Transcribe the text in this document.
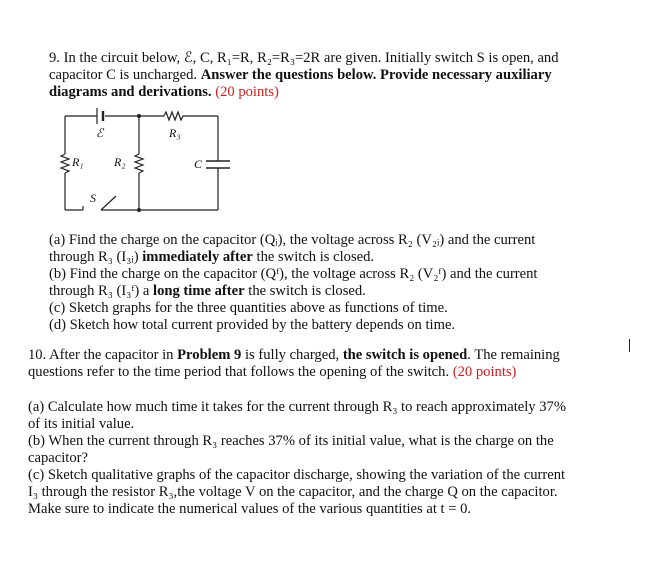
9. In the circuit below, ℰ, C, R₁=R, R₂=R₃=2R are given. Initially switch S is open, and
capacitor C is uncharged. Answer the questions below. Provide necessary auxiliary
diagrams and derivations. (20 points)
ℰ	R₃
R₁	R₂	C
S
(a) Find the charge on the capacitor (Qᵢ), the voltage across R₂ (V₂ᵢ) and the current
through R₃ (I₃ᵢ) immediately after the switch is closed.
(b) Find the charge on the capacitor (Qᶠ), the voltage across R₂ (V₂ᶠ) and the current
through R₃ (I₃ᶠ) a long time after the switch is closed.
(c) Sketch graphs for the three quantities above as functions of time.
(d) Sketch how total current provided by the battery depends on time.
10. After the capacitor in Problem 9 is fully charged, the switch is opened. The remaining
questions refer to the time period that follows the opening of the switch. (20 points)
(a) Calculate how much time it takes for the current through R₃ to reach approximately 37%
of its initial value.
(b) When the current through R₃ reaches 37% of its initial value, what is the charge on the
capacitor?
(c) Sketch qualitative graphs of the capacitor discharge, showing the variation of the current
I₃ through the resistor R₃,the voltage V on the capacitor, and the charge Q on the capacitor.
Make sure to indicate the numerical values of the various quantities at t = 0.
